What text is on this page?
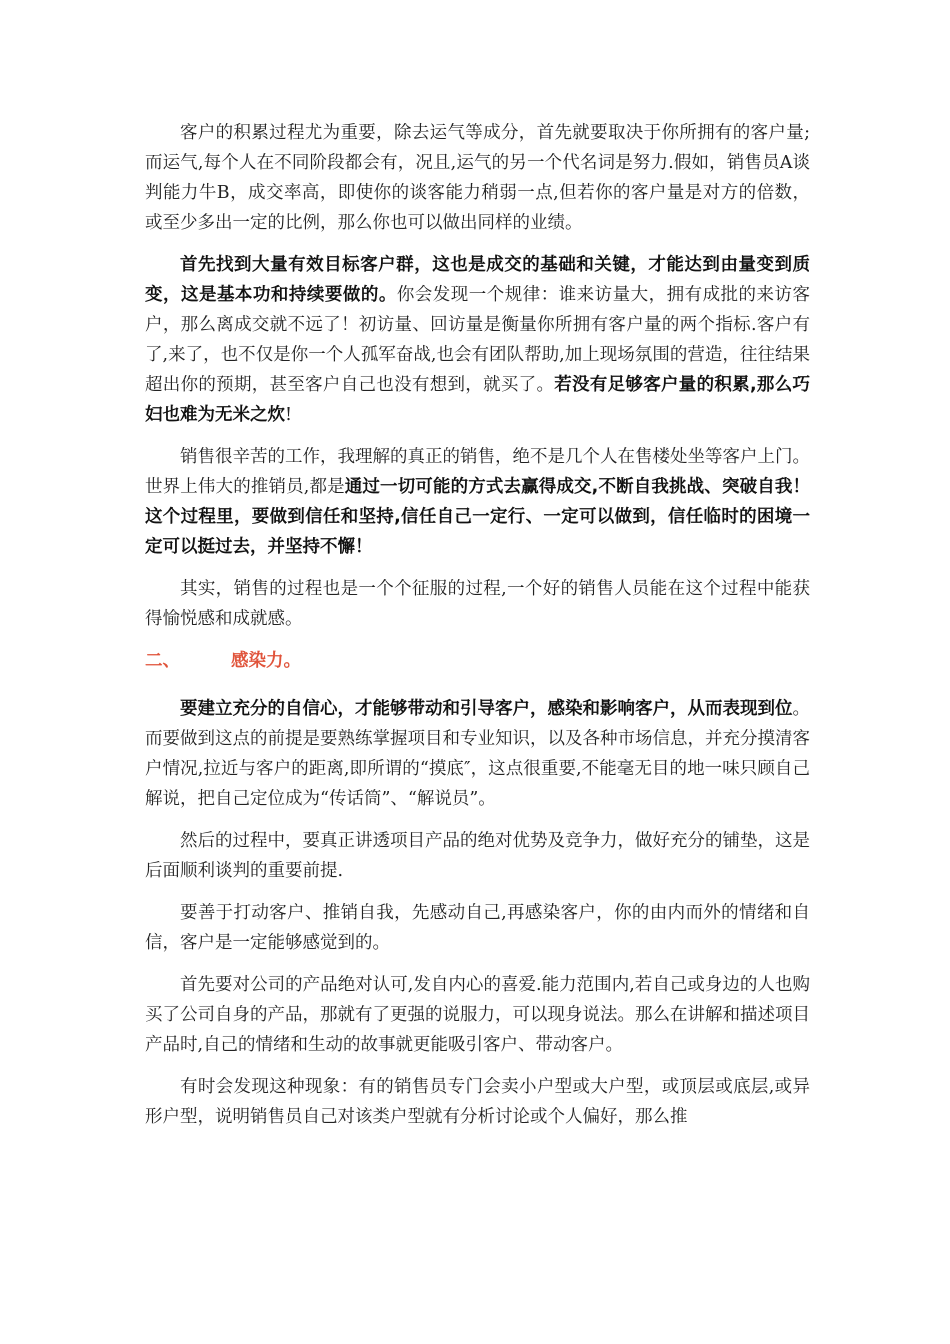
客户的积累过程尤为重要，除去运气等成分，首先就要取决于你所拥有的客户量;而运气,每个人在不同阶段都会有，况且,运气的另一个代名词是努力.假如，销售员A谈判能力牛B，成交率高，即使你的谈客能力稍弱一点,但若你的客户量是对方的倍数，或至少多出一定的比例，那么你也可以做出同样的业绩。

首先找到大量有效目标客户群，这也是成交的基础和关键，才能达到由量变到质变，这是基本功和持续要做的。你会发现一个规律：谁来访量大，拥有成批的来访客户，那么离成交就不远了！初访量、回访量是衡量你所拥有客户量的两个指标.客户有了,来了，也不仅是你一个人孤军奋战,也会有团队帮助,加上现场氛围的营造，往往结果超出你的预期，甚至客户自己也没有想到，就买了。若没有足够客户量的积累,那么巧妇也难为无米之炊!

销售很辛苦的工作，我理解的真正的销售，绝不是几个人在售楼处坐等客户上门。世界上伟大的推销员,都是通过一切可能的方式去赢得成交,不断自我挑战、突破自我！这个过程里，要做到信任和坚持,信任自己一定行、一定可以做到，信任临时的困境一定可以挺过去，并坚持不懈！

其实，销售的过程也是一个个征服的过程,一个好的销售人员能在这个过程中能获得愉悦感和成就感。

二、	感染力。

要建立充分的自信心，才能够带动和引导客户，感染和影响客户，从而表现到位。而要做到这点的前提是要熟练掌握项目和专业知识，以及各种市场信息，并充分摸清客户情况,拉近与客户的距离,即所谓的“摸底″，这点很重要,不能毫无目的地一味只顾自己解说，把自己定位成为“传话筒”、“解说员”。

然后的过程中，要真正讲透项目产品的绝对优势及竞争力，做好充分的铺垫，这是后面顺利谈判的重要前提.

要善于打动客户、推销自我，先感动自己,再感染客户，你的由内而外的情绪和自信，客户是一定能够感觉到的。

首先要对公司的产品绝对认可,发自内心的喜爱.能力范围内,若自己或身边的人也购买了公司自身的产品，那就有了更强的说服力，可以现身说法。那么在讲解和描述项目产品时,自己的情绪和生动的故事就更能吸引客户、带动客户。

有时会发现这种现象：有的销售员专门会卖小户型或大户型，或顶层或底层,或异形户型，说明销售员自己对该类户型就有分析讨论或个人偏好，那么推
